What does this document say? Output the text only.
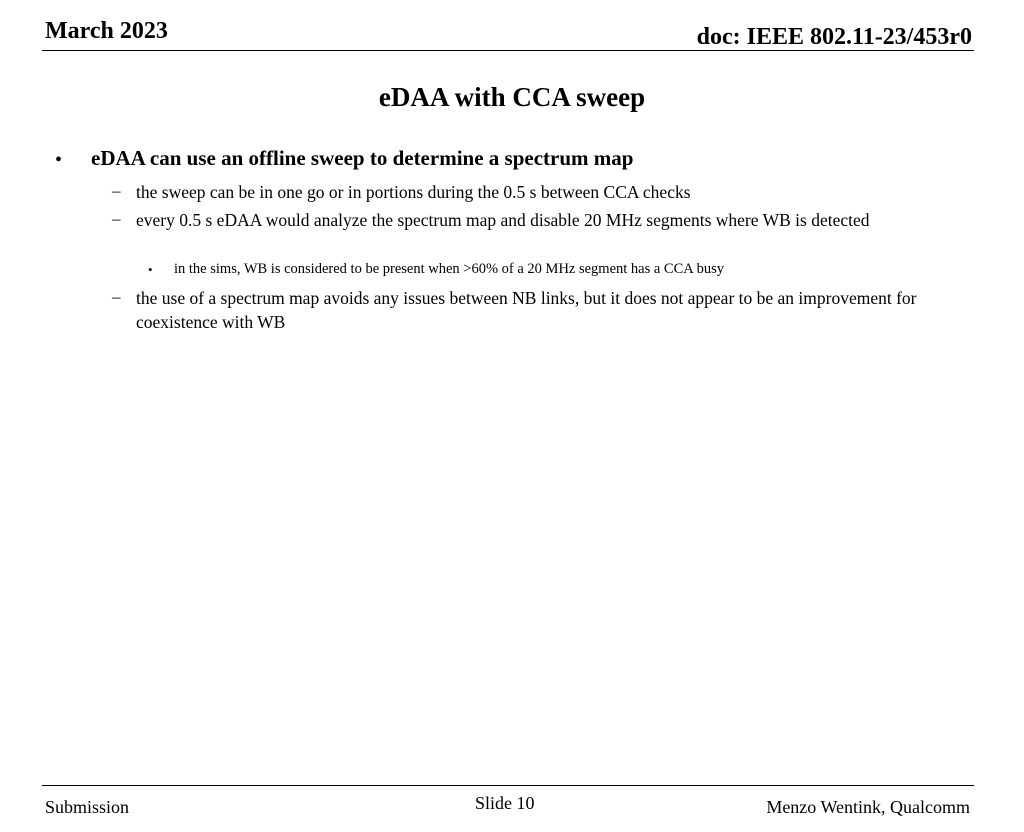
March 2023	doc: IEEE 802.11-23/453r0
eDAA with CCA sweep
• eDAA can use an offline sweep to determine a spectrum map
– the sweep can be in one go or in portions during the 0.5 s between CCA checks
– every 0.5 s eDAA would analyze the spectrum map and disable 20 MHz segments where WB is detected
• in the sims, WB is considered to be present when >60% of a 20 MHz segment has a CCA busy
– the use of a spectrum map avoids any issues between NB links, but it does not appear to be an improvement for coexistence with WB
Submission	Slide 10	Menzo Wentink, Qualcomm
